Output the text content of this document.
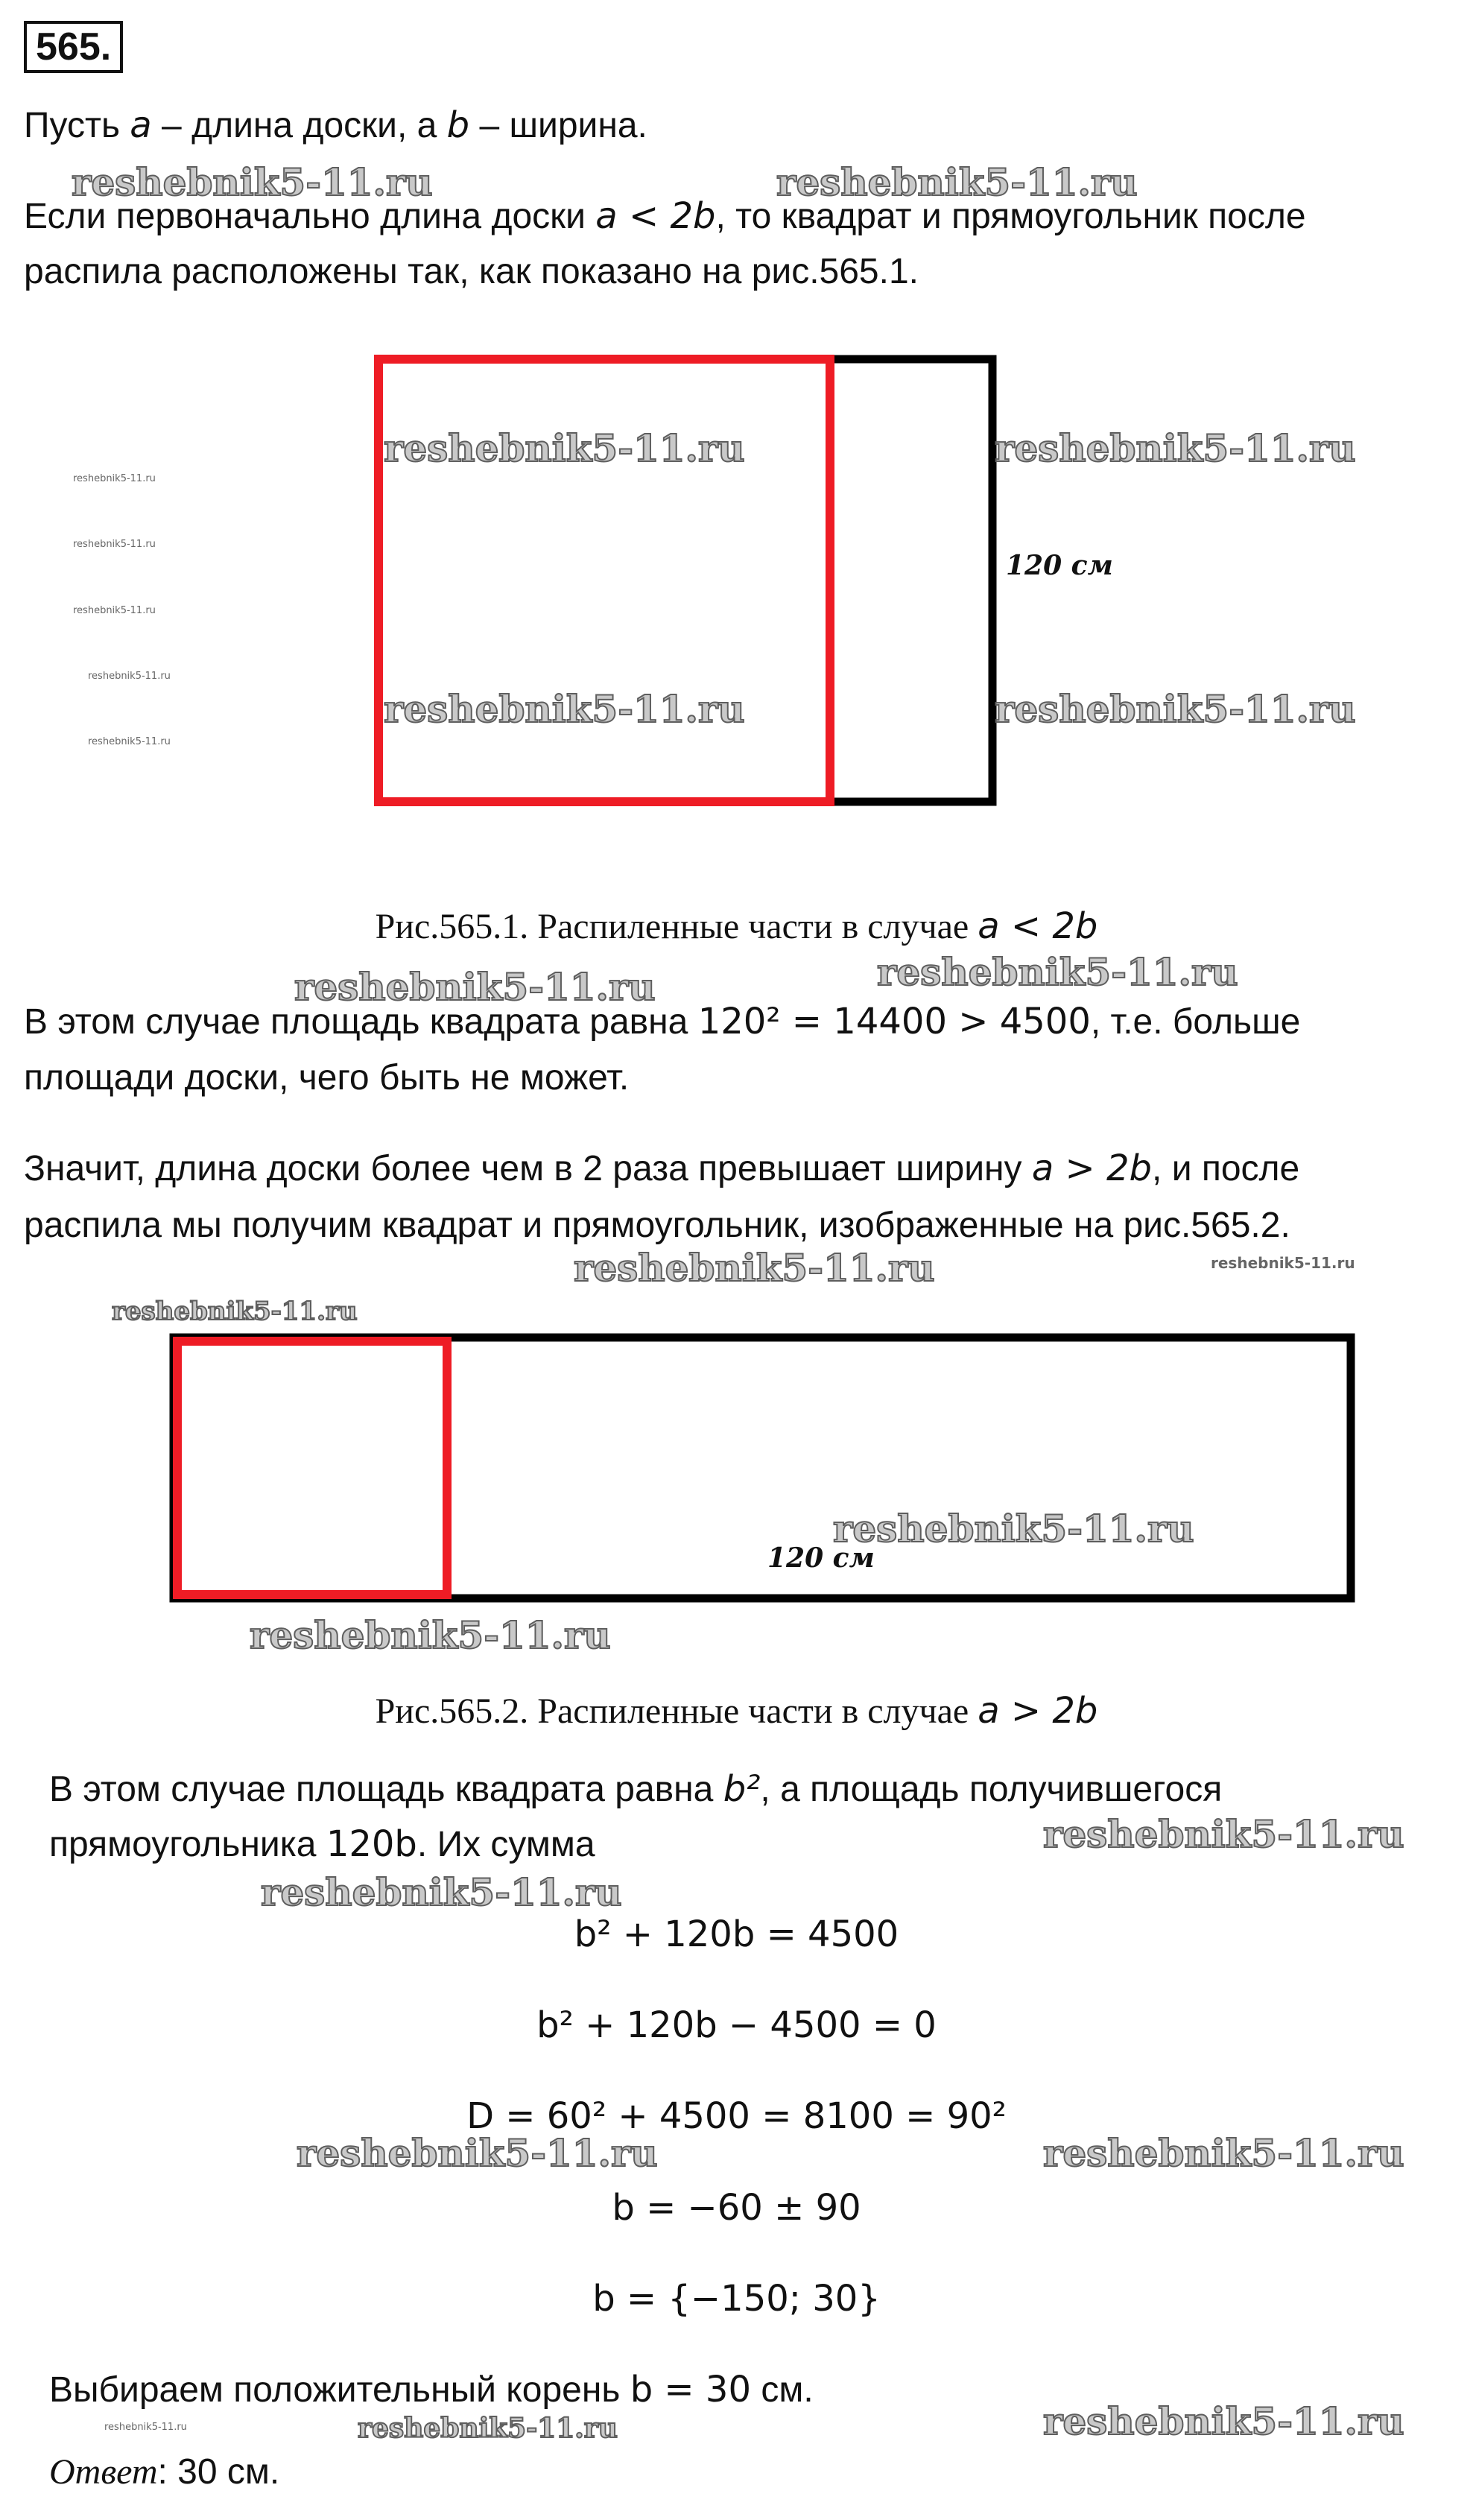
565.
Пусть a – длина доски, а b – ширина.
Если первоначально длина доски a < 2b, то квадрат и прямоугольник после
распила расположены так, как показано на рис.565.1.
120 см
Рис.565.1. Распиленные части в случае a < 2b
В этом случае площадь квадрата равна 120² = 14400 > 4500, т.е. больше
площади доски, чего быть не может.
Значит, длина доски более чем в 2 раза превышает ширину a > 2b, и после
распила мы получим квадрат и прямоугольник, изображенные на рис.565.2.
120 см
Рис.565.2. Распиленные части в случае a > 2b
В этом случае площадь квадрата равна b², а площадь получившегося
прямоугольника 120b. Их сумма
b² + 120b = 4500
b² + 120b − 4500 = 0
D = 60² + 4500 = 8100 = 90²
b = −60 ± 90
b = {−150; 30}
Выбираем положительный корень b = 30 см.
Ответ: 30 см.
reshebnik5-11.ru	reshebnik5-11.ru
reshebnik5-11.ru	reshebnik5-11.ru
reshebnik5-11.ru	reshebnik5-11.ru
reshebnik5-11.ru	reshebnik5-11.ru
reshebnik5-11.ru
reshebnik5-11.ru
reshebnik5-11.ru
reshebnik5-11.ru
reshebnik5-11.ru
reshebnik5-11.ru
reshebnik5-11.ru	reshebnik5-11.ru
reshebnik5-11.ru	reshebnik5-11.ru
reshebnik5-11.ru
reshebnik5-11.ru
reshebnik5-11.ru
reshebnik5-11.ru
reshebnik5-11.ru
reshebnik5-11.ru
reshebnik5-11.ru
